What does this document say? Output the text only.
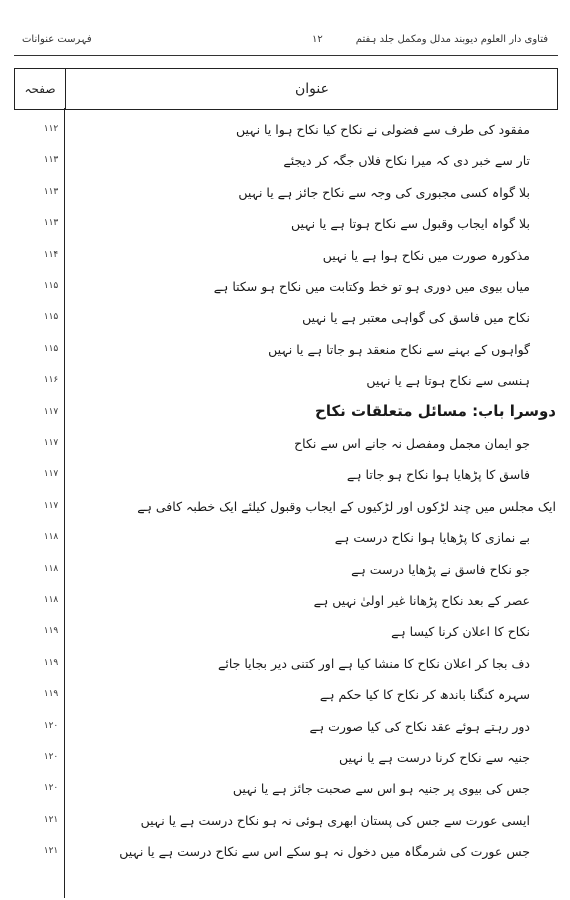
فہرست عنوانات	۱۲	فتاوی دار العلوم دیوبند مدلل ومکمل جلد ہفتم
صفحہ	عنوان
۱۱۲	مفقود کی طرف سے فضولی نے نکاح کیا نکاح ہوا یا نہیں
۱۱۳	تار سے خبر دی کہ میرا نکاح فلاں جگہ کر دیجئے
۱۱۳	بلا گواہ کسی مجبوری کی وجہ سے نکاح جائز ہے یا نہیں
۱۱۳	بلا گواہ ایجاب وقبول سے نکاح ہوتا ہے یا نہیں
۱۱۴	مذکورہ صورت میں نکاح ہوا ہے یا نہیں
۱۱۵	میاں بیوی میں دوری ہو تو خط وکتابت میں نکاح ہو سکتا ہے
۱۱۵	نکاح میں فاسق کی گواہی معتبر ہے یا نہیں
۱۱۵	گواہوں کے بہنے سے نکاح منعقد ہو جاتا ہے یا نہیں
۱۱۶	ہنسی سے نکاح ہوتا ہے یا نہیں
۱۱۷	دوسرا باب: مسائل متعلقات نکاح
۱۱۷	جو ایمان مجمل ومفصل نہ جانے اس سے نکاح
۱۱۷	فاسق کا پڑھایا ہوا نکاح ہو جاتا ہے
۱۱۷	ایک مجلس میں چند لڑکوں اور لڑکیوں کے ایجاب وقبول کیلئے ایک خطبہ کافی ہے
۱۱۸	بے نمازی کا پڑھایا ہوا نکاح درست ہے
۱۱۸	جو نکاح فاسق نے پڑھایا درست ہے
۱۱۸	عصر کے بعد نکاح پڑھانا غیر اولیٰ نہیں ہے
۱۱۹	نکاح کا اعلان کرنا کیسا ہے
۱۱۹	دف بجا کر اعلان نکاح کا منشا کیا ہے اور کتنی دیر بجایا جائے
۱۱۹	سہرہ کنگنا باندھ کر نکاح کا کیا حکم ہے
۱۲۰	دور رہتے ہوئے عقد نکاح کی کیا صورت ہے
۱۲۰	جنیہ سے نکاح کرنا درست ہے یا نہیں
۱۲۰	جس کی بیوی پر جنیہ ہو اس سے صحبت جائز ہے یا نہیں
۱۲۱	ایسی عورت سے جس کی پستان ابھری ہوئی نہ ہو نکاح درست ہے یا نہیں
۱۲۱	جس عورت کی شرمگاہ میں دخول نہ ہو سکے اس سے نکاح درست ہے یا نہیں
